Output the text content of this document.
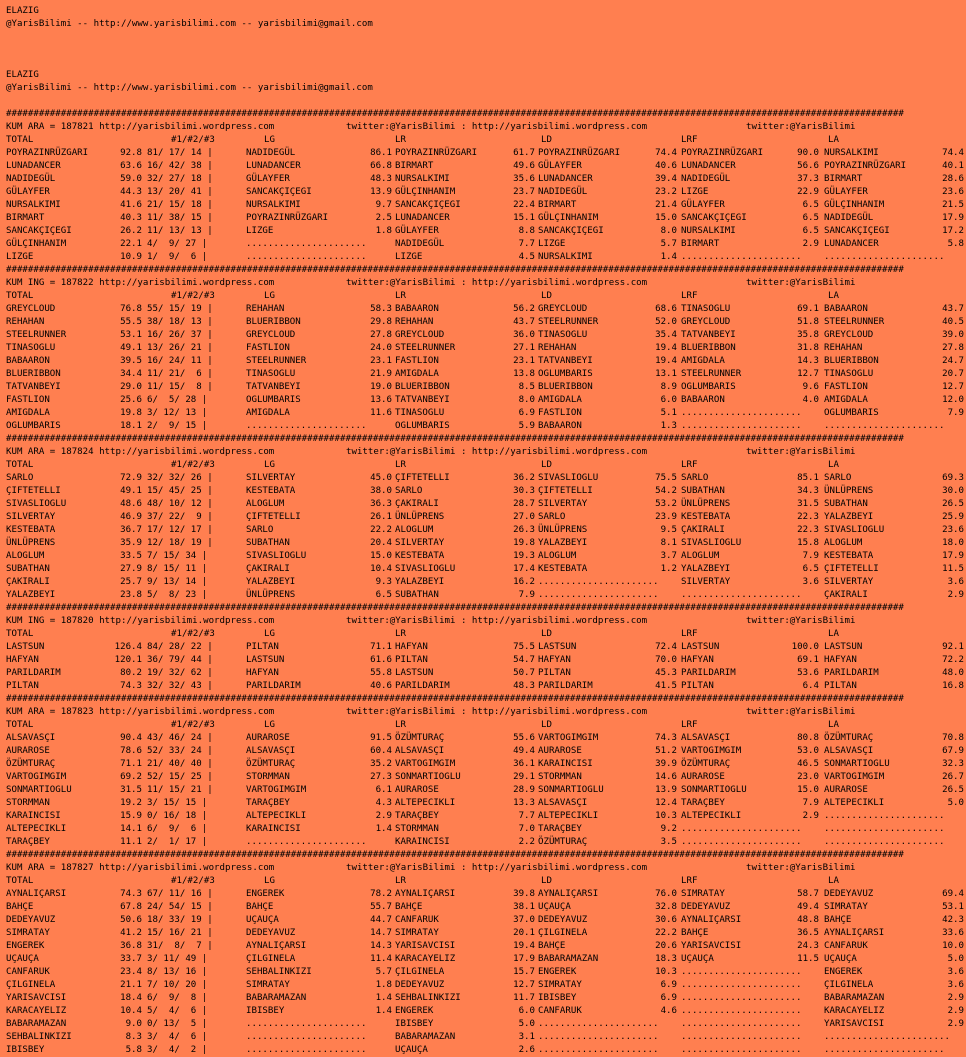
ELAZIG
@YarisBilimi -- http://www.yarisbilimi.com -- yarisbilimi@gmail.com
ELAZIG
@YarisBilimi -- http://www.yarisbilimi.com -- yarisbilimi@gmail.com
####################################################################################################################################################################
KUM ARA = 187821 http://yarisbilimi.wordpress.com	twitter:@YarisBilimi : http://yarisbilimi.wordpress.com	twitter:@YarisBilimi
TOTAL	#1/#2/#3	LG	LR	LD	LRF	LA
POYRAZINRÜZGARI	92.8 81/ 17/ 14 |	NADIDEGÜL	86.1 POYRAZINRÜZGARI	61.7 POYRAZINRÜZGARI	74.4 POYRAZINRÜZGARI	90.0 NURSALKIMI	74.4
LUNADANCER	63.6 16/ 42/ 38 |	LUNADANCER	66.8 BIRMART	49.6 GÜLAYFER	40.6 LUNADANCER	56.6 POYRAZINRÜZGARI	40.1
NADIDEGÜL	59.0 32/ 27/ 18 |	GÜLAYFER	48.3 NURSALKIMI	35.6 LUNADANCER	39.4 NADIDEGÜL	37.3 BIRMART	28.6
GÜLAYFER	44.3 13/ 20/ 41 |	SANCAKÇIÇEGI	13.9 GÜLÇINHANIM	23.7 NADIDEGÜL	23.2 LIZGE	22.9 GÜLAYFER	23.6
NURSALKIMI	41.6 21/ 15/ 18 |	NURSALKIMI	9.7 SANCAKÇIÇEGI	22.4 BIRMART	21.4 GÜLAYFER	6.5 GÜLÇINHANIM	21.5
BIRMART	40.3 11/ 38/ 15 |	POYRAZINRÜZGARI	2.5 LUNADANCER	15.1 GÜLÇINHANIM	15.0 SANCAKÇIÇEGI	6.5 NADIDEGÜL	17.9
SANCAKÇIÇEGI	26.2 11/ 13/ 13 |	LIZGE	1.8 GÜLAYFER	8.8 SANCAKÇIÇEGI	8.0 NURSALKIMI	6.5 SANCAKÇIÇEGI	17.2
GÜLÇINHANIM	22.1 4/  9/ 27 |	......................	NADIDEGÜL	7.7 LIZGE	5.7 BIRMART	2.9 LUNADANCER	5.8
LIZGE	10.9 1/  9/  6 |	......................	LIZGE	4.5 NURSALKIMI	1.4 ...................... ......................
####################################################################################################################################################################
KUM ING = 187822 http://yarisbilimi.wordpress.com	twitter:@YarisBilimi : http://yarisbilimi.wordpress.com	twitter:@YarisBilimi
TOTAL	#1/#2/#3	LG	LR	LD	LRF	LA
GREYCLOUD	76.8 55/ 15/ 19 |	REHAHAN	58.3 BABAARON	56.2 GREYCLOUD	68.6 TINASOGLU	69.1 BABAARON	43.7
REHAHAN	55.5 38/ 18/ 13 |	BLUERIBBON	29.8 REHAHAN	43.7 STEELRUNNER	52.0 GREYCLOUD	51.8 STEELRUNNER	40.5
STEELRUNNER	53.1 16/ 26/ 37 |	GREYCLOUD	27.8 GREYCLOUD	36.0 TINASOGLU	35.4 TATVANBEYI	35.8 GREYCLOUD	39.0
TINASOGLU	49.1 13/ 26/ 21 |	FASTLION	24.0 STEELRUNNER	27.1 REHAHAN	19.4 BLUERIBBON	31.8 REHAHAN	27.8
BABAARON	39.5 16/ 24/ 11 |	STEELRUNNER	23.1 FASTLION	23.1 TATVANBEYI	19.4 AMIGDALA	14.3 BLUERIBBON	24.7
BLUERIBBON	34.4 11/ 21/  6 |	TINASOGLU	21.9 AMIGDALA	13.8 OGLUMBARIS	13.1 STEELRUNNER	12.7 TINASOGLU	20.7
TATVANBEYI	29.0 11/ 15/  8 |	TATVANBEYI	19.0 BLUERIBBON	8.5 BLUERIBBON	8.9 OGLUMBARIS	9.6 FASTLION	12.7
FASTLION	25.6 6/  5/ 28 |	OGLUMBARIS	13.6 TATVANBEYI	8.0 AMIGDALA	6.0 BABAARON	4.0 AMIGDALA	12.0
AMIGDALA	19.8 3/ 12/ 13 |	AMIGDALA	11.6 TINASOGLU	6.9 FASTLION	5.1 ...................... OGLUMBARIS	7.9
OGLUMBARIS	18.1 2/  9/ 15 |	......................	OGLUMBARIS	5.9 BABAARON	1.3 ...................... ......................
####################################################################################################################################################################
KUM ARA = 187824 http://yarisbilimi.wordpress.com	twitter:@YarisBilimi : http://yarisbilimi.wordpress.com	twitter:@YarisBilimi
TOTAL	#1/#2/#3	LG	LR	LD	LRF	LA
SARLO	72.9 32/ 32/ 26 |	SILVERTAY	45.0 ÇIFTETELLI	36.2 SIVASLIOGLU	75.5 SARLO	85.1 SARLO	69.3
ÇIFTETELLI	49.1 15/ 45/ 25 |	KESTEBATA	38.0 SARLO	30.3 ÇIFTETELLI	54.2 SUBATHAN	34.3 ÜNLÜPRENS	30.0
SIVASLIOGLU	48.6 48/ 10/ 12 |	ALOGLUM	36.3 ÇAKIRALI	28.7 SILVERTAY	53.2 ÜNLÜPRENS	31.5 SUBATHAN	26.5
SILVERTAY	46.9 37/ 22/  9 |	ÇIFTETELLI	26.1 ÜNLÜPRENS	27.0 SARLO	23.9 KESTEBATA	22.3 YALAZBEYI	25.9
KESTEBATA	36.7 17/ 12/ 17 |	SARLO	22.2 ALOGLUM	26.3 ÜNLÜPRENS	9.5 ÇAKIRALI	22.3 SIVASLIOGLU	23.6
ÜNLÜPRENS	35.9 12/ 18/ 19 |	SUBATHAN	20.4 SILVERTAY	19.8 YALAZBEYI	8.1 SIVASLIOGLU	15.8 ALOGLUM	18.0
ALOGLUM	33.5 7/ 15/ 34 |	SIVASLIOGLU	15.0 KESTEBATA	19.3 ALOGLUM	3.7 ALOGLUM	7.9 KESTEBATA	17.9
SUBATHAN	27.9 8/ 15/ 11 |	ÇAKIRALI	10.4 SIVASLIOGLU	17.4 KESTEBATA	1.2 YALAZBEYI	6.5 ÇIFTETELLI	11.5
ÇAKIRALI	25.7 9/ 13/ 14 |	YALAZBEYI	9.3 YALAZBEYI	16.2 ...................... SILVERTAY	3.6 SILVERTAY	3.6
YALAZBEYI	23.8 5/  8/ 23 |	ÜNLÜPRENS	6.5 SUBATHAN	7.9 ...................... ...................... ÇAKIRALI	2.9
####################################################################################################################################################################
KUM ING = 187820 http://yarisbilimi.wordpress.com	twitter:@YarisBilimi : http://yarisbilimi.wordpress.com	twitter:@YarisBilimi
TOTAL	#1/#2/#3	LG	LR	LD	LRF	LA
LASTSUN	126.4 84/ 28/ 22 |	PILTAN	71.1 HAFYAN	75.5 LASTSUN	72.4 LASTSUN	100.0 LASTSUN	92.1
HAFYAN	120.1 36/ 79/ 44 |	LASTSUN	61.6 PILTAN	54.7 HAFYAN	70.0 HAFYAN	69.1 HAFYAN	72.2
PARILDARIM	80.2 19/ 32/ 62 |	HAFYAN	55.8 LASTSUN	50.7 PILTAN	45.3 PARILDARIM	53.6 PARILDARIM	48.0
PILTAN	74.3 32/ 32/ 43 |	PARILDARIM	40.6 PARILDARIM	48.3 PARILDARIM	41.5 PILTAN	6.4 PILTAN	16.8
####################################################################################################################################################################
KUM ARA = 187823 http://yarisbilimi.wordpress.com	twitter:@YarisBilimi : http://yarisbilimi.wordpress.com	twitter:@YarisBilimi
TOTAL	#1/#2/#3	LG	LR	LD	LRF	LA
ALSAVASÇI	90.4 43/ 46/ 24 |	AURAROSE	91.5 ÖZÜMTURAÇ	55.6 VARTOGIMGIM	74.3 ALSAVASÇI	80.8 ÖZÜMTURAÇ	70.8
AURAROSE	78.6 52/ 33/ 24 |	ALSAVASÇI	60.4 ALSAVASÇI	49.4 AURAROSE	51.2 VARTOGIMGIM	53.0 ALSAVASÇI	67.9
ÖZÜMTURAÇ	71.1 21/ 40/ 40 |	ÖZÜMTURAÇ	35.2 VARTOGIMGIM	36.1 KARAINCISI	39.9 ÖZÜMTURAÇ	46.5 SONMARTIOGLU	32.3
VARTOGIMGIM	69.2 52/ 15/ 25 |	STORMMAN	27.3 SONMARTIOGLU	29.1 STORMMAN	14.6 AURAROSE	23.0 VARTOGIMGIM	26.7
SONMARTIOGLU	31.5 11/ 15/ 21 |	VARTOGIMGIM	6.1 AURAROSE	28.9 SONMARTIOGLU	13.9 SONMARTIOGLU	15.0 AURAROSE	26.5
STORMMAN	19.2 3/ 15/ 15 |	TARAÇBEY	4.3 ALTEPECIKLI	13.3 ALSAVASÇI	12.4 TARAÇBEY	7.9 ALTEPECIKLI	5.0
KARAINCISI	15.9 0/ 16/ 18 |	ALTEPECIKLI	2.9 TARAÇBEY	7.7 ALTEPECIKLI	10.3 ALTEPECIKLI	2.9 ......................
ALTEPECIKLI	14.1 6/  9/  6 |	KARAINCISI	1.4 STORMMAN	7.0 TARAÇBEY	9.2 ...................... ......................
TARAÇBEY	11.1 2/  1/ 17 |	......................	KARAINCISI	2.2 ÖZÜMTURAÇ	3.5 ...................... ......................
####################################################################################################################################################################
KUM ARA = 187827 http://yarisbilimi.wordpress.com	twitter:@YarisBilimi : http://yarisbilimi.wordpress.com	twitter:@YarisBilimi
TOTAL	#1/#2/#3	LG	LR	LD	LRF	LA
AYNALIÇARSI	74.3 67/ 11/ 16 |	ENGEREK	78.2 AYNALIÇARSI	39.8 AYNALIÇARSI	76.0 SIMRATAY	58.7 DEDEYAVUZ	69.4
BAHÇE	67.8 24/ 54/ 15 |	BAHÇE	55.7 BAHÇE	38.1 UÇAUÇA	32.8 DEDEYAVUZ	49.4 SIMRATAY	53.1
DEDEYAVUZ	50.6 18/ 33/ 19 |	UÇAUÇA	44.7 CANFARUK	37.0 DEDEYAVUZ	30.6 AYNALIÇARSI	48.8 BAHÇE	42.3
SIMRATAY	41.2 15/ 16/ 21 |	DEDEYAVUZ	14.7 SIMRATAY	20.1 ÇILGINELA	22.2 BAHÇE	36.5 AYNALIÇARSI	33.6
ENGEREK	36.8 31/  8/  7 |	AYNALIÇARSI	14.3 YARISAVCISI	19.4 BAHÇE	20.6 YARISAVCISI	24.3 CANFARUK	10.0
UÇAUÇA	33.7 3/ 11/ 49 |	ÇILGINELA	11.4 KARACAYELIZ	17.9 BABARAMAZAN	18.3 UÇAUÇA	11.5 UÇAUÇA	5.0
CANFARUK	23.4 8/ 13/ 16 |	SEHBALINKIZI	5.7 ÇILGINELA	15.7 ENGEREK	10.3 ...................... ENGEREK	3.6
ÇILGINELA	21.1 7/ 10/ 20 |	SIMRATAY	1.8 DEDEYAVUZ	12.7 SIMRATAY	6.9 ...................... ÇILGINELA	3.6
YARISAVCISI	18.4 6/  9/  8 |	BABARAMAZAN	1.4 SEHBALINKIZI	11.7 IBISBEY	6.9 ...................... BABARAMAZAN	2.9
KARACAYELIZ	10.4 5/  4/  6 |	IBISBEY	1.4 ENGEREK	6.0 CANFARUK	4.6 ...................... KARACAYELIZ	2.9
BABARAMAZAN	9.0 0/ 13/  5 |	......................	IBISBEY	5.0 ...................... ...................... YARISAVCISI	2.9
SEHBALINKIZI	8.3 3/  4/  6 |	......................	BABARAMAZAN	3.1 ...................... ...................... .......................
IBISBEY	5.8 3/  4/  2 |	......................	UÇAUÇA	2.6 ...................... ...................... ......................
